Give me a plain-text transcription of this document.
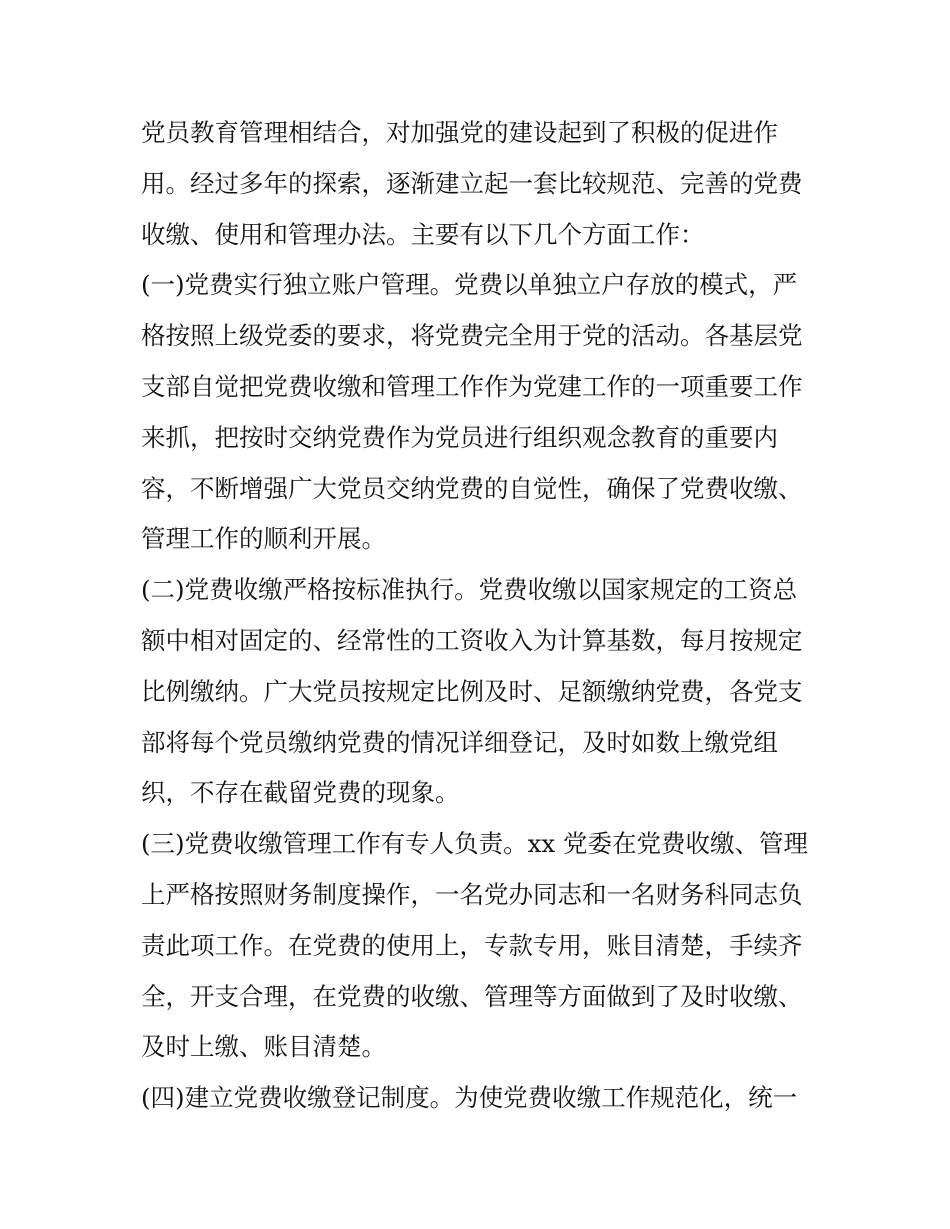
党员教育管理相结合，对加强党的建设起到了积极的促进作
用。经过多年的探索，逐渐建立起一套比较规范、完善的党费
收缴、使用和管理办法。主要有以下几个方面工作：
(一)党费实行独立账户管理。党费以单独立户存放的模式，严
格按照上级党委的要求，将党费完全用于党的活动。各基层党
支部自觉把党费收缴和管理工作作为党建工作的一项重要工作
来抓，把按时交纳党费作为党员进行组织观念教育的重要内
容，不断增强广大党员交纳党费的自觉性，确保了党费收缴、
管理工作的顺利开展。
(二)党费收缴严格按标准执行。党费收缴以国家规定的工资总
额中相对固定的、经常性的工资收入为计算基数，每月按规定
比例缴纳。广大党员按规定比例及时、足额缴纳党费，各党支
部将每个党员缴纳党费的情况详细登记，及时如数上缴党组
织，不存在截留党费的现象。
(三)党费收缴管理工作有专人负责。xx 党委在党费收缴、管理
上严格按照财务制度操作，一名党办同志和一名财务科同志负
责此项工作。在党费的使用上，专款专用，账目清楚，手续齐
全，开支合理，在党费的收缴、管理等方面做到了及时收缴、
及时上缴、账目清楚。
(四)建立党费收缴登记制度。为使党费收缴工作规范化，统一
